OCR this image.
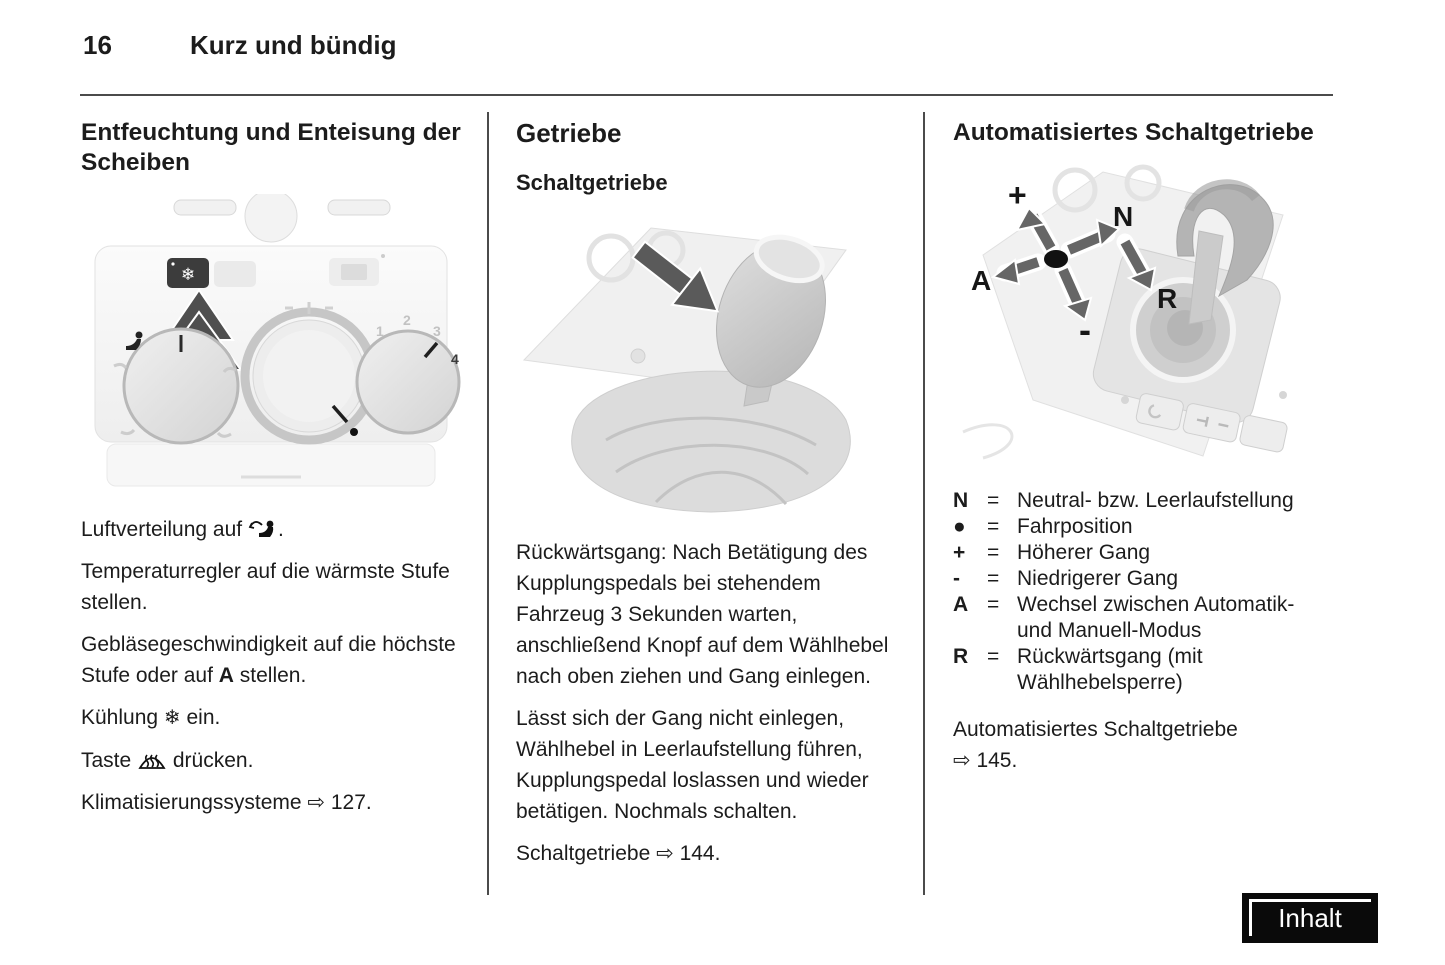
16	Kurz und bündig
Entfeuchtung und Enteisung der Scheiben
❄
1
2
3
4

Luftverteilung auf .

Temperaturregler auf die wärmste Stufe stellen.

Gebläsegeschwindigkeit auf die höchste Stufe oder auf A stellen.

Kühlung ❄ ein.

Taste  drücken.

Klimatisierungssysteme ⇨ 127.

Getriebe
Schaltgetriebe

Rückwärtsgang: Nach Betätigung des Kupplungspedals bei stehendem Fahrzeug 3 Sekunden warten, anschließend Knopf auf dem Wählhebel nach oben ziehen und Gang einlegen.

Lässt sich der Gang nicht einlegen, Wählhebel in Leerlaufstellung führen, Kupplungspedal loslassen und wieder betätigen. Nochmals schalten.

Schaltgetriebe ⇨ 144.

Automatisiertes Schaltgetriebe
+
N
A
R
-
N = Neutral- bzw. Leerlaufstellung
●	= Fahrposition
+	= Höherer Gang
-	= Niedrigerer Gang
A = Wechsel zwischen Automatik- und Manuell-Modus
R = Rückwärtsgang (mit Wählhebelsperre)

Automatisiertes Schaltgetriebe
⇨ 145.

Inhalt
